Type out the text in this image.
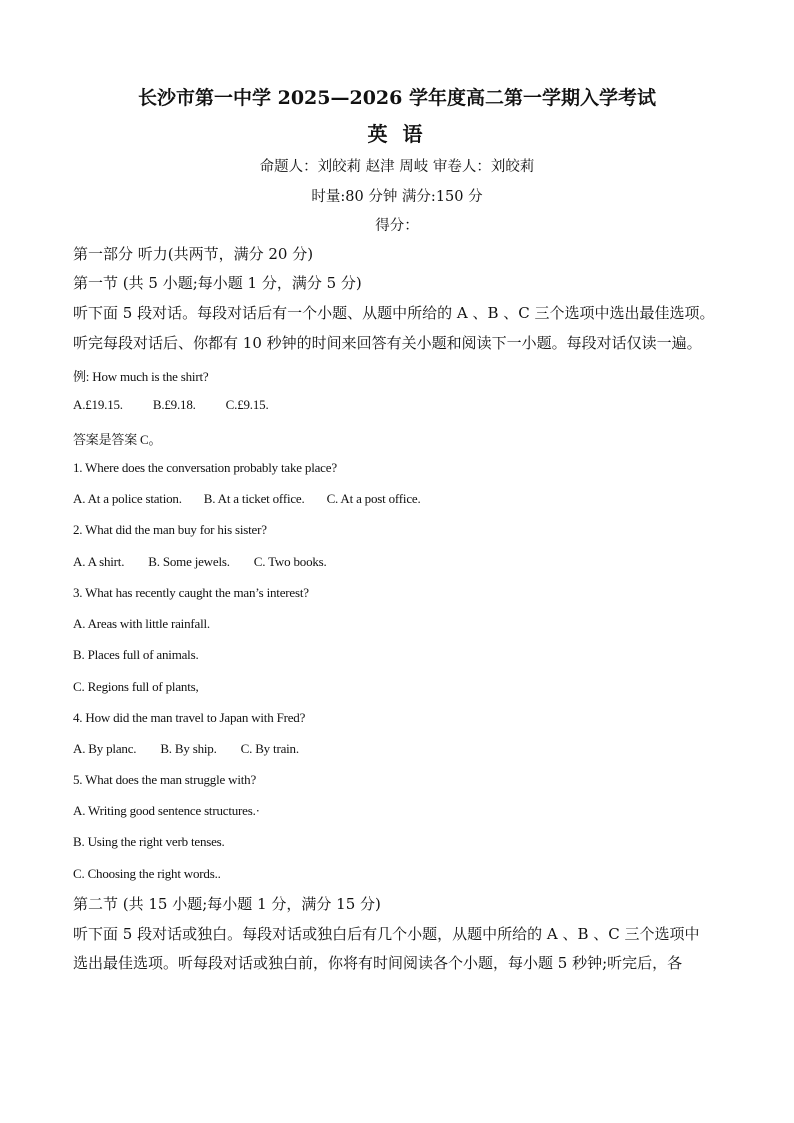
长沙市第一中学 2025—2026 学年度高二第一学期入学考试
英 语
命题人：刘皎莉 赵津 周岐 审卷人：刘皎莉
时量:80 分钟 满分:150 分
得分：
第一部分 听力(共两节，满分 20 分)
第一节 (共 5 小题;每小题 1 分，满分 5 分)
听下面 5 段对话。每段对话后有一个小题、从题中所给的 A 、B 、C 三个选项中选出最佳选项。
听完每段对话后、你都有 10 秒钟的时间来回答有关小题和阅读下一小题。每段对话仅读一遍。
例: How much is the shirt?
A.£19.15. B.£9.18. C.£9.15.
答案是答案 C。
1. Where does the conversation probably take place?
A. At a police station. B. At a ticket office. C. At a post office.
2. What did the man buy for his sister?
A. A shirt. B. Some jewels. C. Two books.
3. What has recently caught the man’s interest?
A. Areas with little rainfall.
B. Places full of animals.
C. Regions full of plants,
4. How did the man travel to Japan with Fred?
A. By planc. B. By ship. C. By train.
5. What does the man struggle with?
A. Writing good sentence structures.·
B. Using the right verb tenses.
C. Choosing the right words..
第二节 (共 15 小题;每小题 1 分，满分 15 分)
听下面 5 段对话或独白。每段对话或独白后有几个小题，从题中所给的 A 、B 、C 三个选项中
选出最佳选项。听每段对话或独白前，你将有时间阅读各个小题，每小题 5 秒钟;听完后，各
